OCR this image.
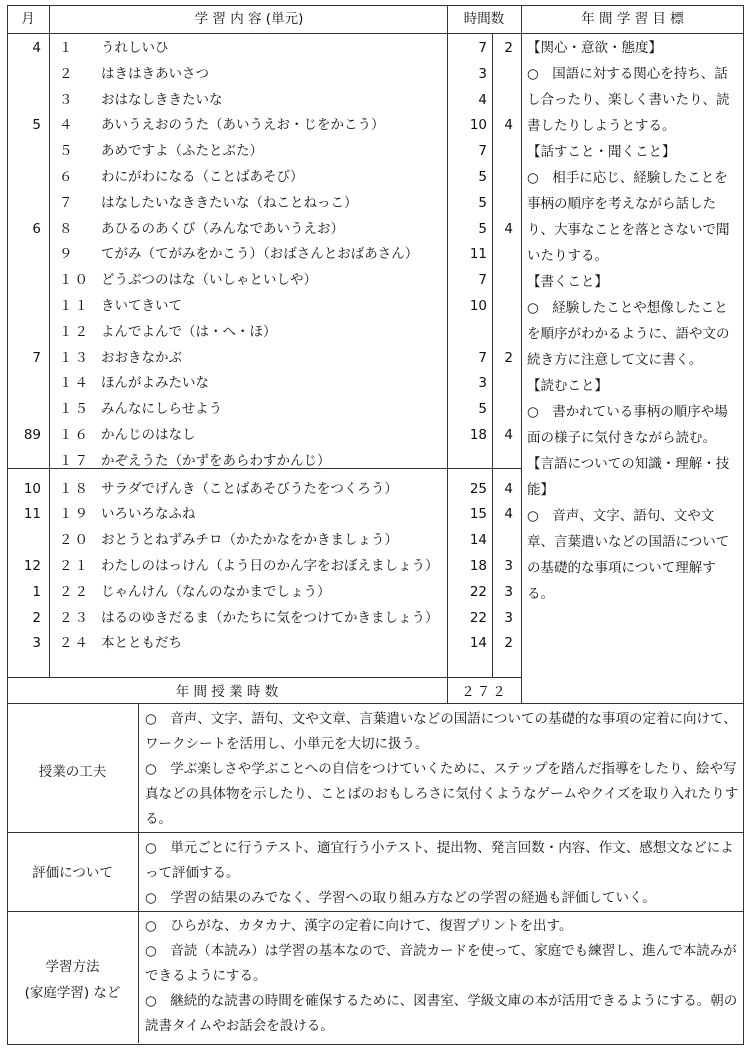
月	学 習 内 容 (単元)	時間数	年 間 学 習 目 標
4 １	うれしいひ	7	2
２	はきはきあいさつ	3
３	おはなしききたいな	4
5 ４	あいうえおのうた（あいうえお・じをかこう）	10	4
５	あめですよ（ふたとぶた）	7
６	わにがわになる（ことばあそび）	5
７	はなしたいなききたいな（ねことねっこ）	5
6 ８	あひるのあくび（みんなであいうえお）	5	4
９	てがみ（てがみをかこう）（おばさんとおばあさん）	11
１０ どうぶつのはな（いしゃといしや）	7
１１ きいてきいて	10
１２ よんでよんで（は・へ・ほ）
7 １３ おおきなかぶ	7	2
１４ ほんがよみたいな	3
１５ みんなにしらせよう	5
89 １６ かんじのはなし	18	4
１７ かぞえうた（かずをあらわすかんじ）
10 １８ サラダでげんき（ことばあそびうたをつくろう）	25	4
11 １９ いろいろなふね	15	4
２０ おとうとねずみチロ（かたかなをかきましょう）	14
12 ２１ わたしのはっけん（よう日のかん字をおぼえましょう）	18	3
1 ２２ じゃんけん（なんのなかまでしょう）	22	3
2 ２３ はるのゆきだるま（かたちに気をつけてかきましょう）	22	3
3 ２４ 本とともだち	14	2
【関心・意欲・態度】
○　国語に対する関心を持ち、話し合ったり、楽しく書いたり、読書したりしようとする。
【話すこと・聞くこと】
○　相手に応じ、経験したことを事柄の順序を考えながら話したり、大事なことを落とさないで聞いたりする。
【書くこと】
○　経験したことや想像したことを順序がわかるように、語や文の続き方に注意して文に書く。
【読むこと】
○　書かれている事柄の順序や場面の様子に気付きながら読む。
【言語についての知識・理解・技能】
○　音声、文字、語句、文や文章、言葉遣いなどの国語についての基礎的な事項について理解する。
年 間 授 業 時 数	２７２
授業の工夫

○　音声、文字、語句、文や文章、言葉遣いなどの国語についての基礎的な事項の定着に向けて、ワークシートを活用し、小単元を大切に扱う。

○　学ぶ楽しさや学ぶことへの自信をつけていくために、ステップを踏んだ指導をしたり、絵や写真などの具体物を示したり、ことばのおもしろさに気付くようなゲームやクイズを取り入れたりする。

評価について

○　単元ごとに行うテスト、適宜行う小テスト、提出物、発言回数・内容、作文、感想文などによって評価する。

○　学習の結果のみでなく、学習への取り組み方などの学習の経過も評価していく。

学習方法
(家庭学習) など

○　ひらがな、カタカナ、漢字の定着に向けて、復習プリントを出す。

○　音読（本読み）は学習の基本なので、音読カードを使って、家庭でも練習し、進んで本読みができるようにする。

○　継続的な読書の時間を確保するために、図書室、学級文庫の本が活用できるようにする。朝の読書タイムやお話会を設ける。
